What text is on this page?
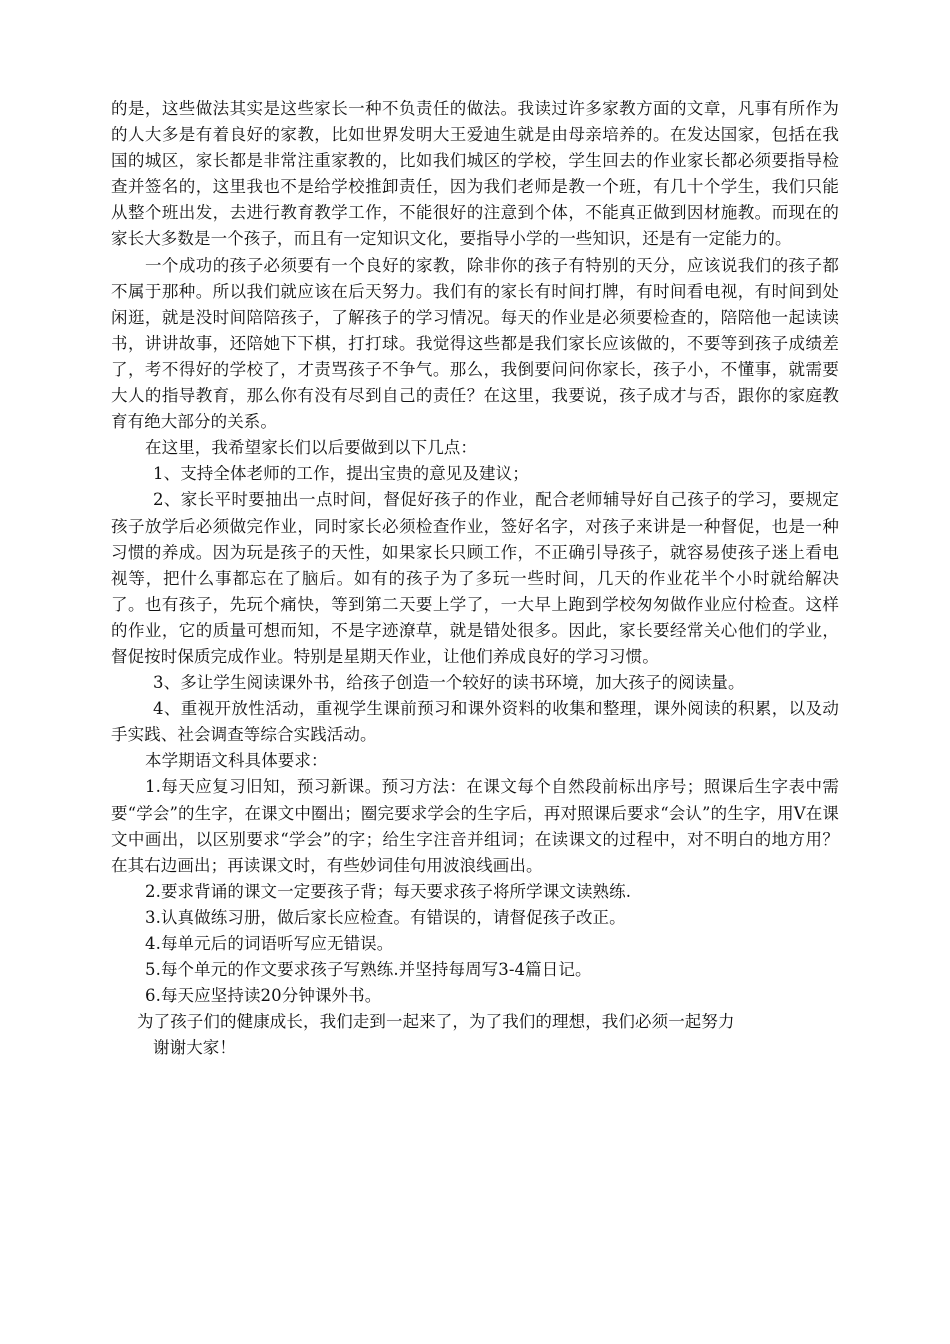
的是，这些做法其实是这些家长一种不负责任的做法。我读过许多家教方面的文章，凡事有所作为的人大多是有着良好的家教，比如世界发明大王爱迪生就是由母亲培养的。在发达国家，包括在我国的城区，家长都是非常注重家教的，比如我们城区的学校，学生回去的作业家长都必须要指导检查并签名的，这里我也不是给学校推卸责任，因为我们老师是教一个班，有几十个学生，我们只能从整个班出发，去进行教育教学工作，不能很好的注意到个体，不能真正做到因材施教。而现在的家长大多数是一个孩子，而且有一定知识文化，要指导小学的一些知识，还是有一定能力的。

一个成功的孩子必须要有一个良好的家教，除非你的孩子有特别的天分，应该说我们的孩子都不属于那种。所以我们就应该在后天努力。我们有的家长有时间打牌，有时间看电视，有时间到处闲逛，就是没时间陪陪孩子，了解孩子的学习情况。每天的作业是必须要检查的，陪陪他一起读读书，讲讲故事，还陪她下下棋，打打球。我觉得这些都是我们家长应该做的，不要等到孩子成绩差了，考不得好的学校了，才责骂孩子不争气。那么，我倒要问问你家长，孩子小，不懂事，就需要大人的指导教育，那么你有没有尽到自己的责任？在这里，我要说，孩子成才与否，跟你的家庭教育有绝大部分的关系。

在这里，我希望家长们以后要做到以下几点：

1、支持全体老师的工作，提出宝贵的意见及建议；

2、家长平时要抽出一点时间，督促好孩子的作业，配合老师辅导好自己孩子的学习，要规定孩子放学后必须做完作业，同时家长必须检查作业，签好名字，对孩子来讲是一种督促，也是一种习惯的养成。因为玩是孩子的天性，如果家长只顾工作，不正确引导孩子，就容易使孩子迷上看电视等，把什么事都忘在了脑后。如有的孩子为了多玩一些时间，几天的作业花半个小时就给解决了。也有孩子，先玩个痛快，等到第二天要上学了，一大早上跑到学校匆匆做作业应付检查。这样的作业，它的质量可想而知，不是字迹潦草，就是错处很多。因此，家长要经常关心他们的学业，督促按时保质完成作业。特别是星期天作业，让他们养成良好的学习习惯。

3、多让学生阅读课外书，给孩子创造一个较好的读书环境，加大孩子的阅读量。

4、重视开放性活动，重视学生课前预习和课外资料的收集和整理，课外阅读的积累，以及动手实践、社会调查等综合实践活动。

本学期语文科具体要求：

1.每天应复习旧知，预习新课。预习方法：在课文每个自然段前标出序号；照课后生字表中需要“学会”的生字，在课文中圈出；圈完要求学会的生字后，再对照课后要求“会认”的生字，用V在课文中画出，以区别要求“学会”的字；给生字注音并组词；在读课文的过程中，对不明白的地方用？在其右边画出；再读课文时，有些妙词佳句用波浪线画出。

2.要求背诵的课文一定要孩子背；每天要求孩子将所学课文读熟练.

3.认真做练习册，做后家长应检查。有错误的，请督促孩子改正。

4.每单元后的词语听写应无错误。

5.每个单元的作文要求孩子写熟练.并坚持每周写3-4篇日记。

6.每天应坚持读20分钟课外书。

为了孩子们的健康成长，我们走到一起来了，为了我们的理想，我们必须一起努力

谢谢大家！
